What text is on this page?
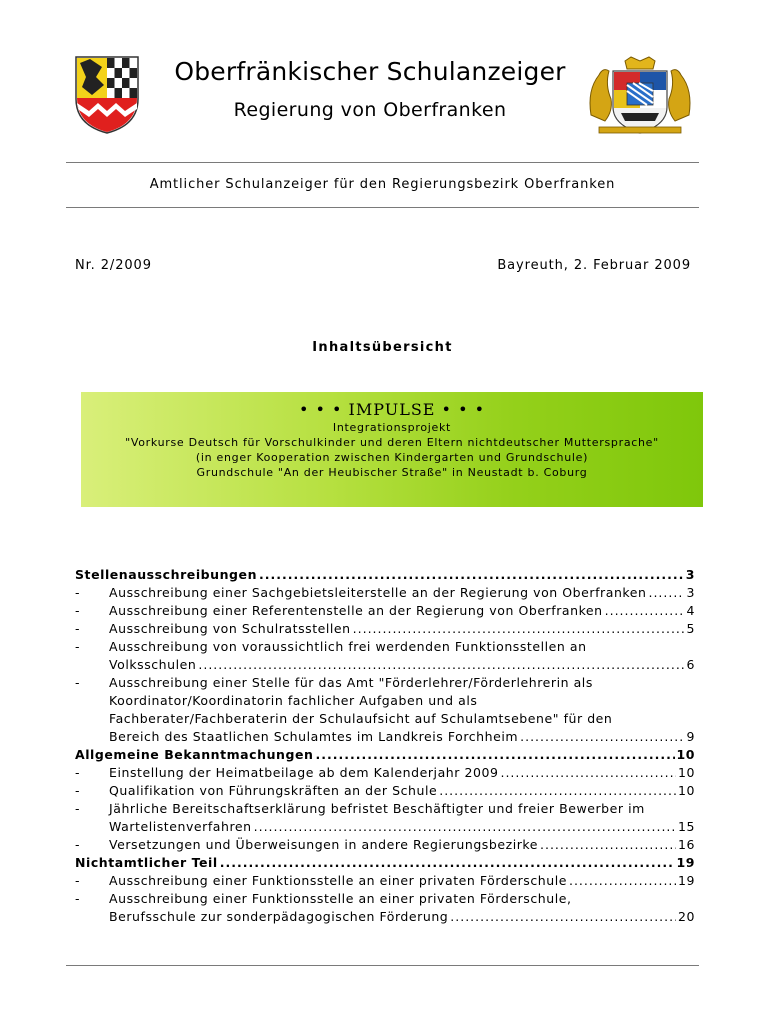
Oberfränkischer Schulanzeiger
Regierung von Oberfranken
Amtlicher Schulanzeiger für den Regierungsbezirk Oberfranken
Nr. 2/2009	Bayreuth, 2. Februar 2009
Inhaltsübersicht
• • • IMPULSE • • •
Integrationsprojekt
"Vorkurse Deutsch für Vorschulkinder und deren Eltern nichtdeutscher Muttersprache"
(in enger Kooperation zwischen Kindergarten und Grundschule)
Grundschule "An der Heubischer Straße" in Neustadt b. Coburg
Stellenausschreibungen .....	3
-	Ausschreibung einer Sachgebietsleiterstelle an der Regierung von Oberfranken .....	3
-	Ausschreibung einer Referentenstelle an der Regierung von Oberfranken .....	4
-	Ausschreibung von Schulratsstellen .....	5
-	Ausschreibung von voraussichtlich frei werdenden Funktionsstellen an
Volksschulen .....	6
-	Ausschreibung einer Stelle für das Amt "Förderlehrer/Förderlehrerin als
Koordinator/Koordinatorin fachlicher Aufgaben und als
Fachberater/Fachberaterin der Schulaufsicht auf Schulamtsebene" für den
Bereich des Staatlichen Schulamtes im Landkreis Forchheim .....	9
Allgemeine Bekanntmachungen .....	10
-	Einstellung der Heimatbeilage ab dem Kalenderjahr 2009 .....	10
-	Qualifikation von Führungskräften an der Schule .....	10
-	Jährliche Bereitschaftserklärung befristet Beschäftigter und freier Bewerber im
Wartelistenverfahren .....	15
-	Versetzungen und Überweisungen in andere Regierungsbezirke .....	16
Nichtamtlicher Teil .....	19
-	Ausschreibung einer Funktionsstelle an einer privaten Förderschule .....	19
-	Ausschreibung einer Funktionsstelle an einer privaten Förderschule,
Berufsschule zur sonderpädagogischen Förderung .....	20
